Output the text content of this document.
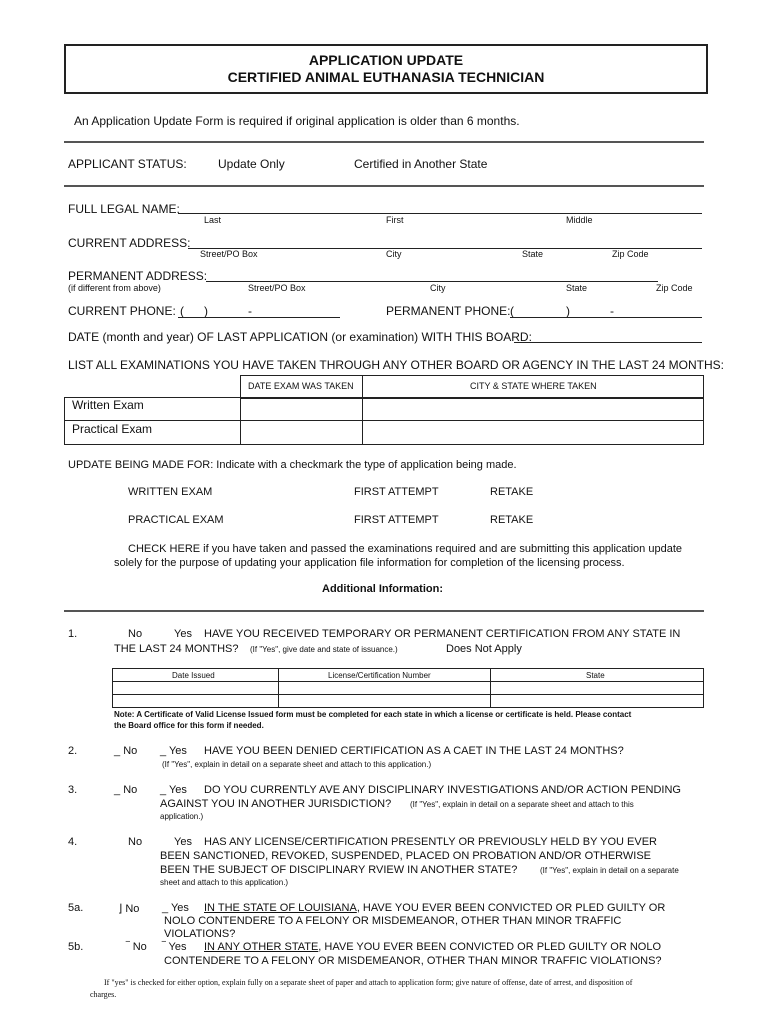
APPLICATION UPDATE
CERTIFIED ANIMAL EUTHANASIA TECHNICIAN
An Application Update Form is required if original application is older than 6 months.
APPLICANT STATUS:	Update Only	Certified in Another State
FULL LEGAL NAME:
Last	First	Middle
CURRENT ADDRESS:
Street/PO Box	City	State	Zip Code
PERMANENT ADDRESS:
(if different from above)	Street/PO Box	City	State	Zip Code
CURRENT PHONE: ( )	-	PERMANENT PHONE: (	)	-
DATE (month and year) OF LAST APPLICATION (or examination) WITH THIS BOARD:
LIST ALL EXAMINATIONS YOU HAVE TAKEN THROUGH ANY OTHER BOARD OR AGENCY IN THE LAST 24 MONTHS:
DATE EXAM WAS TAKEN	CITY & STATE WHERE TAKEN
Written Exam
Practical Exam
UPDATE BEING MADE FOR: Indicate with a checkmark the type of application being made.
WRITTEN EXAM	FIRST ATTEMPT	RETAKE
PRACTICAL EXAM	FIRST ATTEMPT	RETAKE
CHECK HERE if you have taken and passed the examinations required and are submitting this application update
solely for the purpose of updating your application file information for completion of the licensing process.
Additional Information:
1.	No	Yes HAVE YOU RECEIVED TEMPORARY OR PERMANENT CERTIFICATION FROM ANY STATE IN
THE LAST 24 MONTHS? (If "Yes", give date and state of issuance.)	Does Not Apply
Date Issued	License/Certification Number	State
Note: A Certificate of Valid License Issued form must be completed for each state in which a license or certificate is held. Please contact
the Board office for this form if needed.
2.	_ No _ Yes HAVE YOU BEEN DENIED CERTIFICATION AS A CAET IN THE LAST 24 MONTHS?
(If "Yes", explain in detail on a separate sheet and attach to this application.)
3.	_ No _ Yes DO YOU CURRENTLY AVE ANY DISCIPLINARY INVESTIGATIONS AND/OR ACTION PENDING
AGAINST YOU IN ANOTHER JURISDICTION? (If "Yes", explain in detail on a separate sheet and attach to this
application.)
4.	No	Yes HAS ANY LICENSE/CERTIFICATION PRESENTLY OR PREVIOUSLY HELD BY YOU EVER
BEEN SANCTIONED, REVOKED, SUSPENDED, PLACED ON PROBATION AND/OR OTHERWISE
BEEN THE SUBJECT OF DISCIPLINARY RVIEW IN ANOTHER STATE?	(If "Yes", explain in detail on a separate
sheet and attach to this application.)
5a.	⌋ No _ Yes IN THE STATE OF LOUISIANA, HAVE YOU EVER BEEN CONVICTED OR PLED GUILTY OR
NOLO CONTENDERE TO A FELONY OR MISDEMEANOR, OTHER THAN MINOR TRAFFIC
VIOLATIONS?
5b.	‾ No ‾ Yes IN ANY OTHER STATE, HAVE YOU EVER BEEN CONVICTED OR PLED GUILTY OR NOLO
CONTENDERE TO A FELONY OR MISDEMEANOR, OTHER THAN MINOR TRAFFIC VIOLATIONS?
If "yes" is checked for either option, explain fully on a separate sheet of paper and attach to application form; give nature of offense, date of arrest, and disposition of
charges.
